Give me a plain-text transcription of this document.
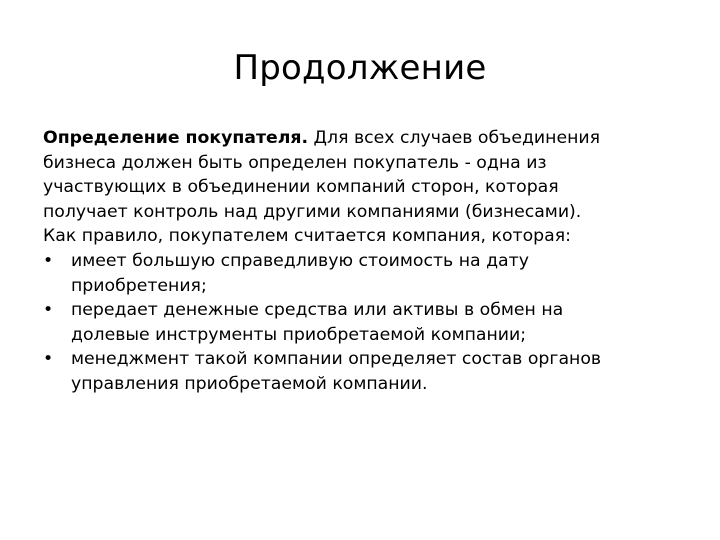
Продолжение

Определение покупателя. Для всех случаев объединения
бизнеса должен быть определен покупатель - одна из
участвующих в объединении компаний сторон, которая
получает контроль над другими компаниями (бизнесами).
Как правило, покупателем считается компания, которая:

•	имеет большую справедливую стоимость на дату
приобретения;
•	передает денежные средства или активы в обмен на
долевые инструменты приобретаемой компании;
•	менеджмент такой компании определяет состав органов
управления приобретаемой компании.
